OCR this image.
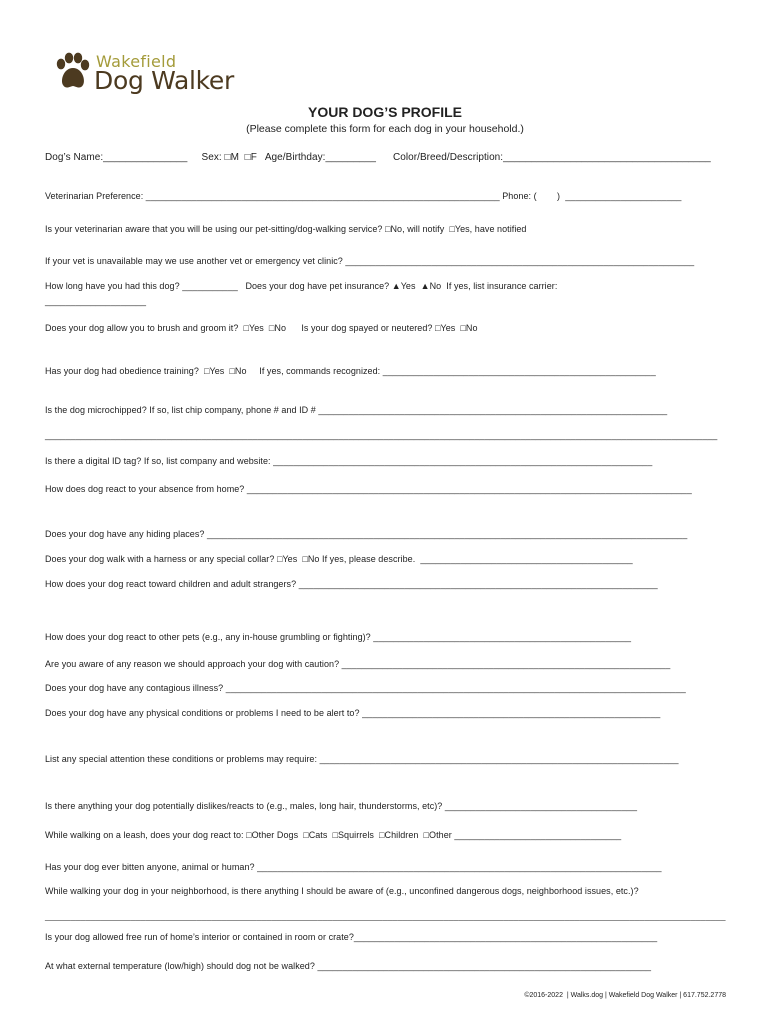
Wakefield
Dog Walker
YOUR DOG’S PROFILE
(Please complete this form for each dog in your household.)
Dog’s Name:_______________     Sex: □M  □F   Age/Birthday:_________      Color/Breed/Description:_____________________________________
Veterinarian Preference: ______________________________________________________________________ Phone: (        )  _______________________
Is your veterinarian aware that you will be using our pet-sitting/dog-walking service? □No, will notify  □Yes, have notified
If your vet is unavailable may we use another vet or emergency vet clinic? _____________________________________________________________________
How long have you had this dog? ___________   Does your dog have pet insurance? ▲Yes  ▲No  If yes, list insurance carrier:
____________________
Does your dog allow you to brush and groom it?  □Yes  □No      Is your dog spayed or neutered? □Yes  □No
Has your dog had obedience training?  □Yes  □No     If yes, commands recognized: ______________________________________________________
Is the dog microchipped? If so, list chip company, phone # and ID # _____________________________________________________________________
_____________________________________________________________________________________________________________________________________
Is there a digital ID tag? If so, list company and website: ___________________________________________________________________________
How does dog react to your absence from home? ________________________________________________________________________________________
Does your dog have any hiding places? _______________________________________________________________________________________________
Does your dog walk with a harness or any special collar? □Yes  □No If yes, please describe.  __________________________________________
How does your dog react toward children and adult strangers? _______________________________________________________________________
How does your dog react to other pets (e.g., any in-house grumbling or fighting)? ___________________________________________________
Are you aware of any reason we should approach your dog with caution? _________________________________________________________________
Does your dog have any contagious illness? ___________________________________________________________________________________________
Does your dog have any physical conditions or problems I need to be alert to? ___________________________________________________________
List any special attention these conditions or problems may require: _______________________________________________________________________
Is there anything your dog potentially dislikes/reacts to (e.g., males, long hair, thunderstorms, etc)? ______________________________________
While walking on a leash, does your dog react to: □Other Dogs  □Cats  □Squirrels  □Children  □Other _________________________________
Has your dog ever bitten anyone, animal or human? ________________________________________________________________________________
While walking your dog in your neighborhood, is there anything I should be aware of (e.g., unconfined dangerous dogs, neighborhood issues, etc.)?
_______________________________________________________________________________________________________________________________________
Is your dog allowed free run of home’s interior or contained in room or crate?____________________________________________________________
At what external temperature (low/high) should dog not be walked? __________________________________________________________________
©2016-2022  | Walks.dog | Wakefield Dog Walker | 617.752.2778
